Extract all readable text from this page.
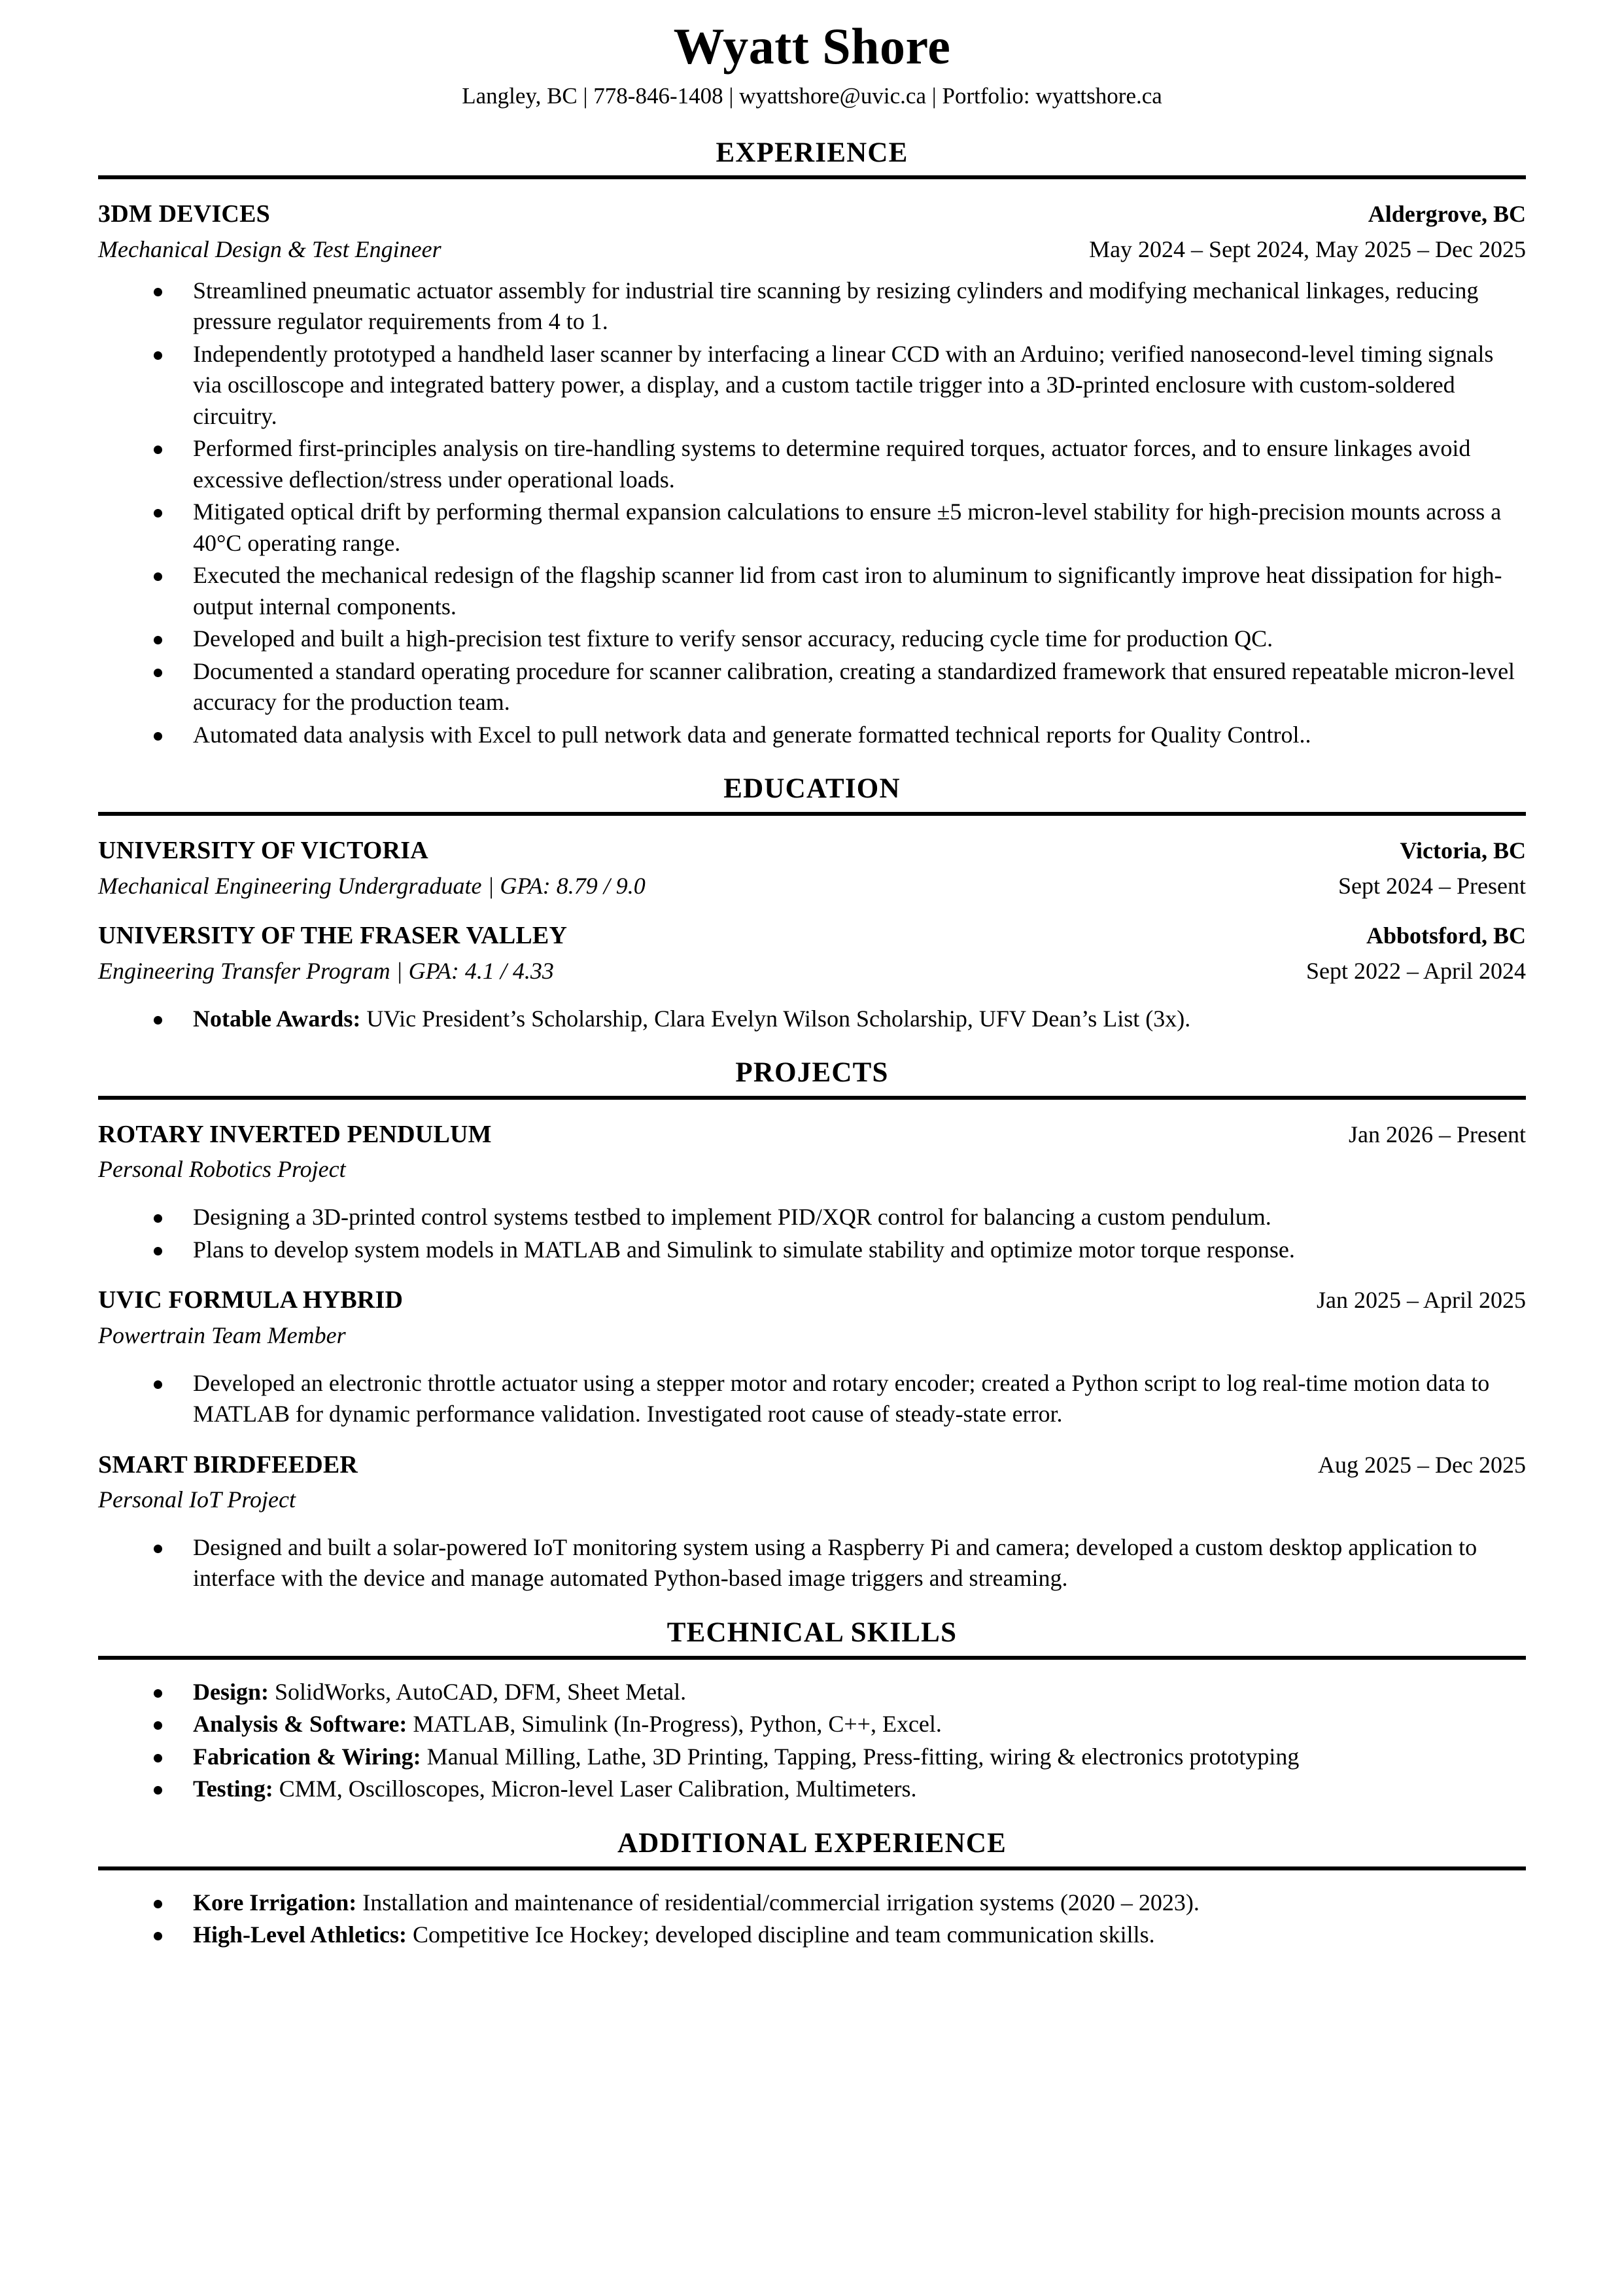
Wyatt Shore
Langley, BC | 778-846-1408 | wyattshore@uvic.ca | Portfolio: wyattshore.ca
EXPERIENCE
3DM DEVICES	Aldergrove, BC
Mechanical Design & Test Engineer	May 2024 – Sept 2024, May 2025 – Dec 2025
Streamlined pneumatic actuator assembly for industrial tire scanning by resizing cylinders and modifying mechanical linkages, reducing pressure regulator requirements from 4 to 1.
Independently prototyped a handheld laser scanner by interfacing a linear CCD with an Arduino; verified nanosecond-level timing signals via oscilloscope and integrated battery power, a display, and a custom tactile trigger into a 3D-printed enclosure with custom-soldered circuitry.
Performed first-principles analysis on tire-handling systems to determine required torques, actuator forces, and to ensure linkages avoid excessive deflection/stress under operational loads.
Mitigated optical drift by performing thermal expansion calculations to ensure ±5 micron-level stability for high-precision mounts across a 40°C operating range.
Executed the mechanical redesign of the flagship scanner lid from cast iron to aluminum to significantly improve heat dissipation for high-output internal components.
Developed and built a high-precision test fixture to verify sensor accuracy, reducing cycle time for production QC.
Documented a standard operating procedure for scanner calibration, creating a standardized framework that ensured repeatable micron-level accuracy for the production team.
Automated data analysis with Excel to pull network data and generate formatted technical reports for Quality Control..
EDUCATION
UNIVERSITY OF VICTORIA	Victoria, BC
Mechanical Engineering Undergraduate | GPA: 8.79 / 9.0	Sept 2024 – Present
UNIVERSITY OF THE FRASER VALLEY	Abbotsford, BC
Engineering Transfer Program | GPA: 4.1 / 4.33	Sept 2022 – April 2024
Notable Awards: UVic President’s Scholarship, Clara Evelyn Wilson Scholarship, UFV Dean’s List (3x).
PROJECTS
ROTARY INVERTED PENDULUM	Jan 2026 – Present
Personal Robotics Project
Designing a 3D-printed control systems testbed to implement PID/XQR control for balancing a custom pendulum.
Plans to develop system models in MATLAB and Simulink to simulate stability and optimize motor torque response.
UVIC FORMULA HYBRID	Jan 2025 – April 2025
Powertrain Team Member
Developed an electronic throttle actuator using a stepper motor and rotary encoder; created a Python script to log real-time motion data to MATLAB for dynamic performance validation. Investigated root cause of steady-state error.
SMART BIRDFEEDER	Aug 2025 – Dec 2025
Personal IoT Project
Designed and built a solar-powered IoT monitoring system using a Raspberry Pi and camera; developed a custom desktop application to interface with the device and manage automated Python-based image triggers and streaming.
TECHNICAL SKILLS
Design: SolidWorks, AutoCAD, DFM, Sheet Metal.
Analysis & Software: MATLAB, Simulink (In-Progress), Python, C++, Excel.
Fabrication & Wiring: Manual Milling, Lathe, 3D Printing, Tapping, Press-fitting, wiring & electronics prototyping
Testing: CMM, Oscilloscopes, Micron-level Laser Calibration, Multimeters.
ADDITIONAL EXPERIENCE
Kore Irrigation: Installation and maintenance of residential/commercial irrigation systems (2020 – 2023).
High-Level Athletics: Competitive Ice Hockey; developed discipline and team communication skills.
